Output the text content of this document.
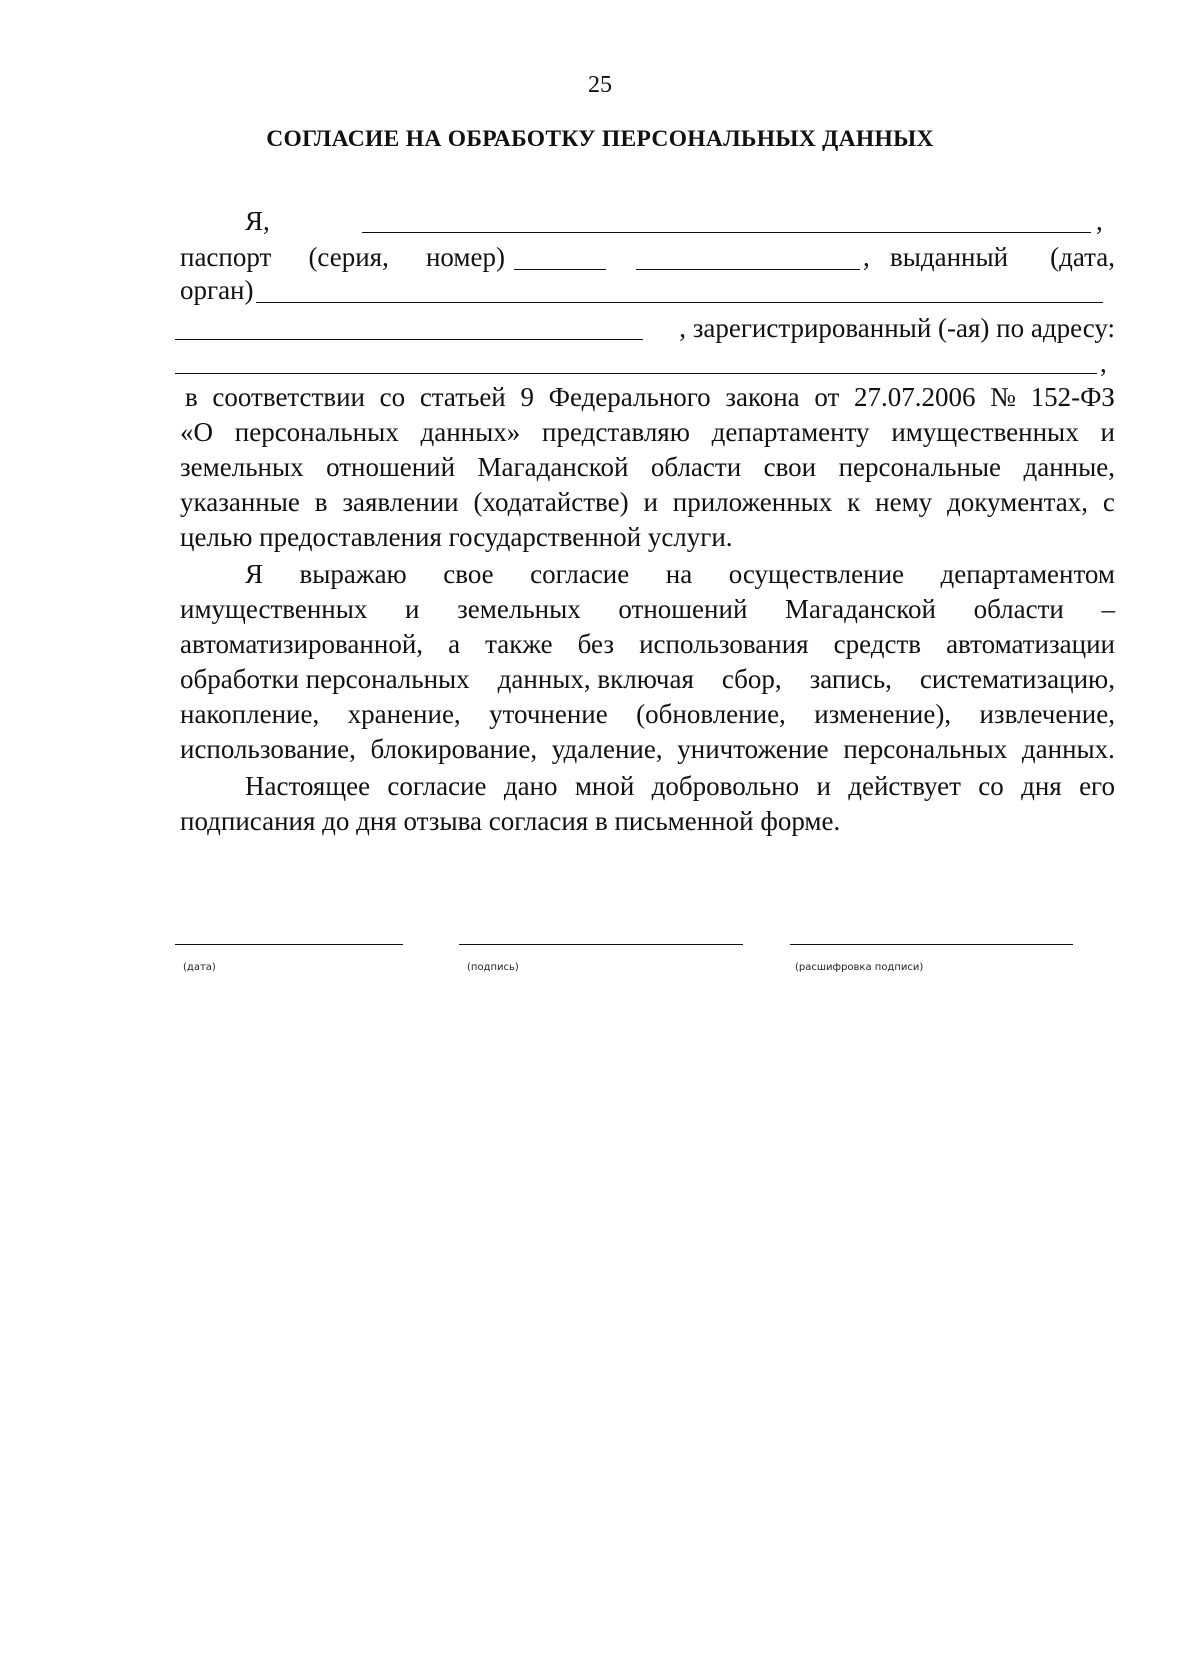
25
СОГЛАСИЕ НА ОБРАБОТКУ ПЕРСОНАЛЬНЫХ ДАННЫХ
Я,	,
паспорт (серия, номер)	, выданный (дата,
орган)
, зарегистрированный (-ая) по адресу:
,
в соответствии со статьей 9 Федерального закона от 27.07.2006 № 152-ФЗ
«О персональных данных» представляю департаменту имущественных и
земельных отношений Магаданской области свои персональные данные,
указанные в заявлении (ходатайстве) и приложенных к нему документах, с
целью предоставления государственной услуги.
Я выражаю свое согласие на осуществление департаментом
имущественных и земельных отношений Магаданской области –
автоматизированной, а также без использования средств автоматизации
обработки персональных данных, включая сбор, запись, систематизацию,
накопление, хранение, уточнение (обновление, изменение), извлечение,
использование, блокирование, удаление, уничтожение персональных данных.
Настоящее согласие дано мной добровольно и действует со дня его
подписания до дня отзыва согласия в письменной форме.
(дата)	(подпись)	(расшифровка подписи)
